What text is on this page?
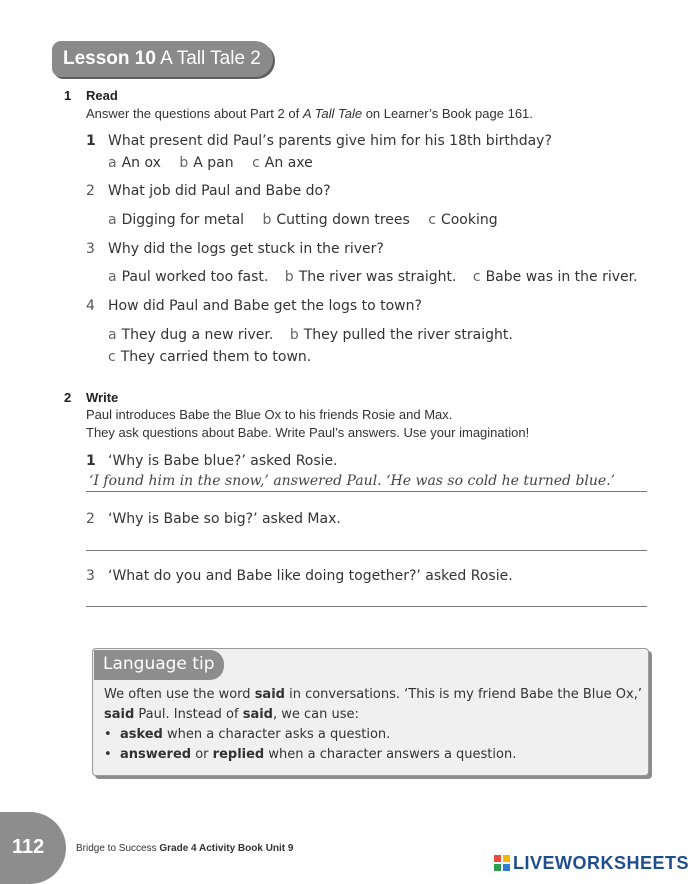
Lesson 10 A Tall Tale 2
1 Read
Answer the questions about Part 2 of A Tall Tale on Learner’s Book page 161.
1 What present did Paul’s parents give him for his 18th birthday?
a An ox b A pan c An axe
2 What job did Paul and Babe do?
a Digging for metal b Cutting down trees c Cooking
3 Why did the logs get stuck in the river?
a Paul worked too fast. b The river was straight. c Babe was in the river.
4 How did Paul and Babe get the logs to town?
a They dug a new river. b They pulled the river straight.
c They carried them to town.
2 Write
Paul introduces Babe the Blue Ox to his friends Rosie and Max.
They ask questions about Babe. Write Paul’s answers. Use your imagination!
1 ‘Why is Babe blue?’ asked Rosie.
‘I found him in the snow,’ answered Paul. ‘He was so cold he turned blue.’
2 ‘Why is Babe so big?’ asked Max.
3 ‘What do you and Babe like doing together?’ asked Rosie.
Language tip
We often use the word said in conversations. ‘This is my friend Babe the Blue Ox,’
said Paul. Instead of said, we can use:
• asked when a character asks a question.
• answered or replied when a character answers a question.
112	Bridge to Success Grade 4 Activity Book Unit 9
LIVEWORKSHEETS
